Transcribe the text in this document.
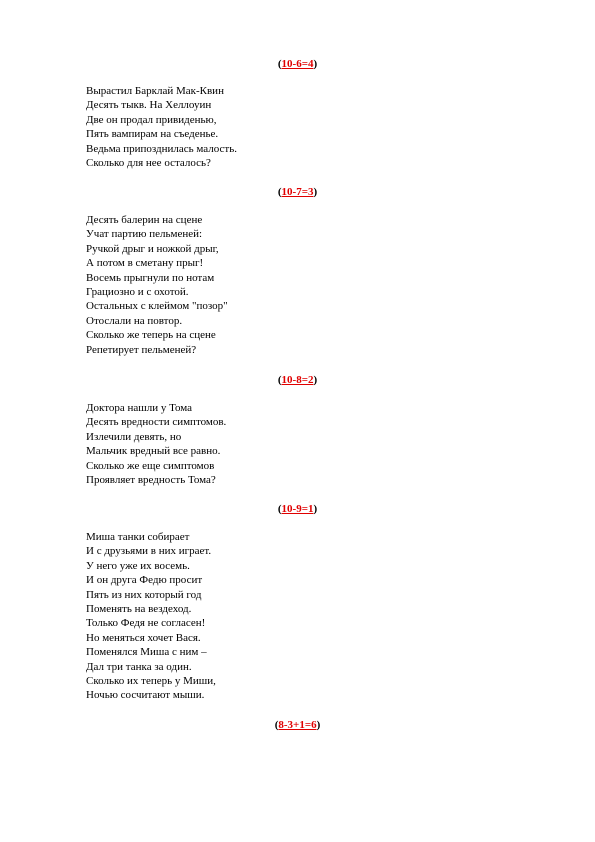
(10-6=4)
Вырастил Барклай Мак-Квин
Десять тыкв. На Хеллоуин
Две он продал привиденью,
Пять вампирам на съеденье.
Ведьма припозднилась малость.
Сколько для нее осталось?
(10-7=3)
Десять балерин на сцене
Учат партию пельменей:
Ручкой дрыг и ножкой дрыг,
А потом в сметану прыг!
Восемь прыгнули по нотам
Грациозно и с охотой.
Остальных с клеймом "позор"
Отослали на повтор.
Сколько же теперь на сцене
Репетирует пельменей?
(10-8=2)
Доктора нашли у Тома
Десять вредности симптомов.
Излечили девять, но
Мальчик вредный все равно.
Сколько же еще симптомов
Проявляет вредность Тома?
(10-9=1)
Миша танки собирает
И с друзьями в них играет.
У него уже их восемь.
И он друга Федю просит
Пять из них который год
Поменять на вездеход.
Только Федя не согласен!
Но меняться хочет Вася.
Поменялся Миша с ним –
Дал три танка за один.
Сколько их теперь у Миши,
Ночью сосчитают мыши.
(8-3+1=6)
